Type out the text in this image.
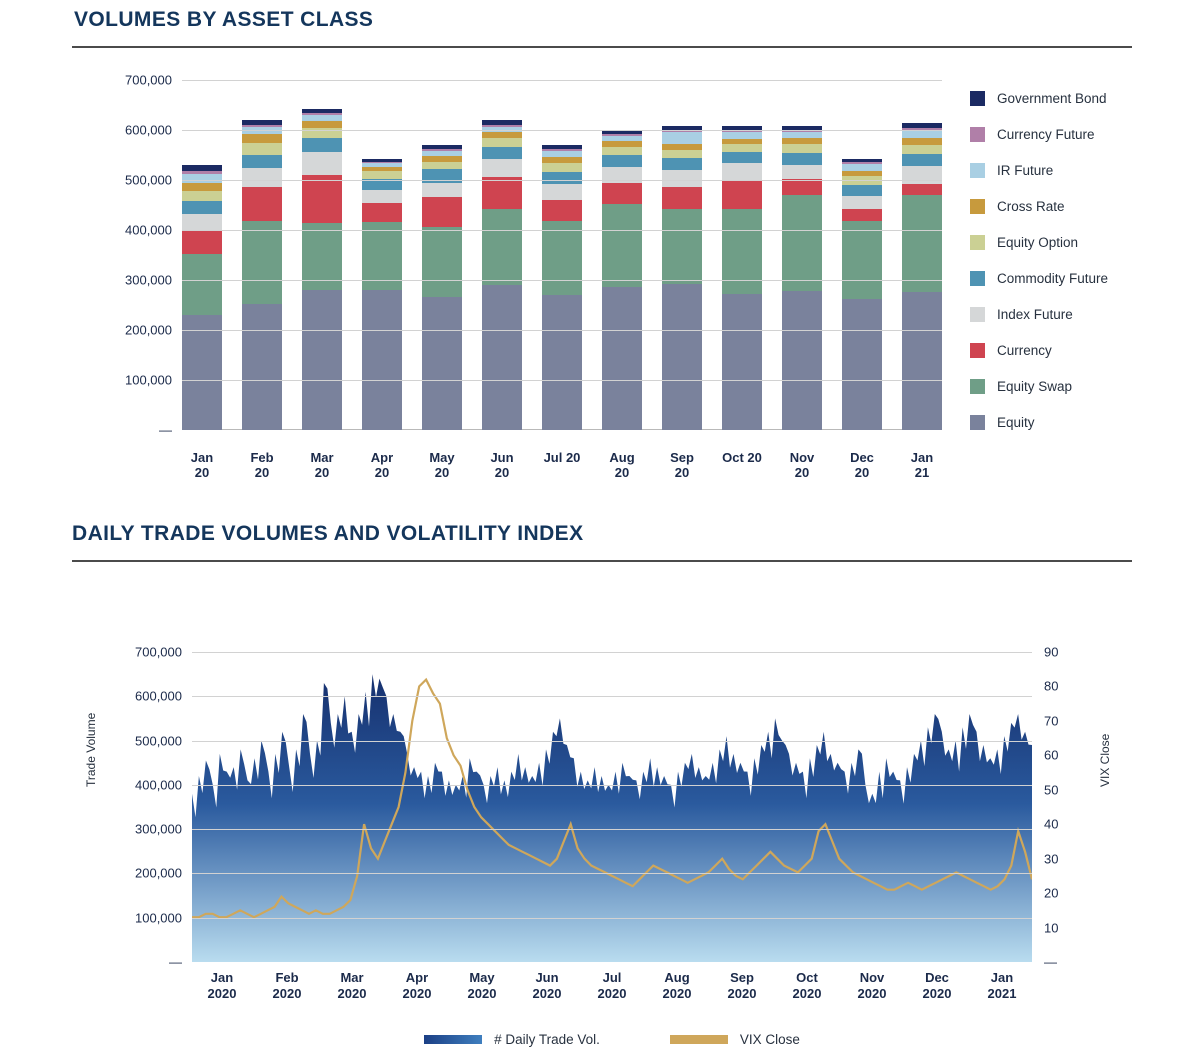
VOLUMES BY ASSET CLASS
700,000
600,000
500,000
400,000
300,000
200,000
100,000
—
Jan 20
Feb 20
Mar 20
Apr 20
May 20
Jun 20
Jul 20	Aug 20
Sep 20
Oct 20	Nov 20
Dec 20
Jan 21
Government Bond
Currency Future
IR Future
Cross Rate
Equity Option
Commodity Future
Index Future
Currency
Equity Swap
Equity
DAILY TRADE VOLUMES AND VOLATILITY INDEX
Trade Volume	VIX Close
700,000
600,000
500,000
400,000
300,000
200,000
100,000
—
90
80
70
60
50
40
30
20
10
—
Jan
2020
Feb
2020
Mar
2020
Apr
2020
May
2020
Jun
2020
Jul
2020
Aug
2020
Sep
2020
Oct
2020
Nov
2020
Dec
2020
Jan
2021
# Daily Trade Vol.	VIX Close
